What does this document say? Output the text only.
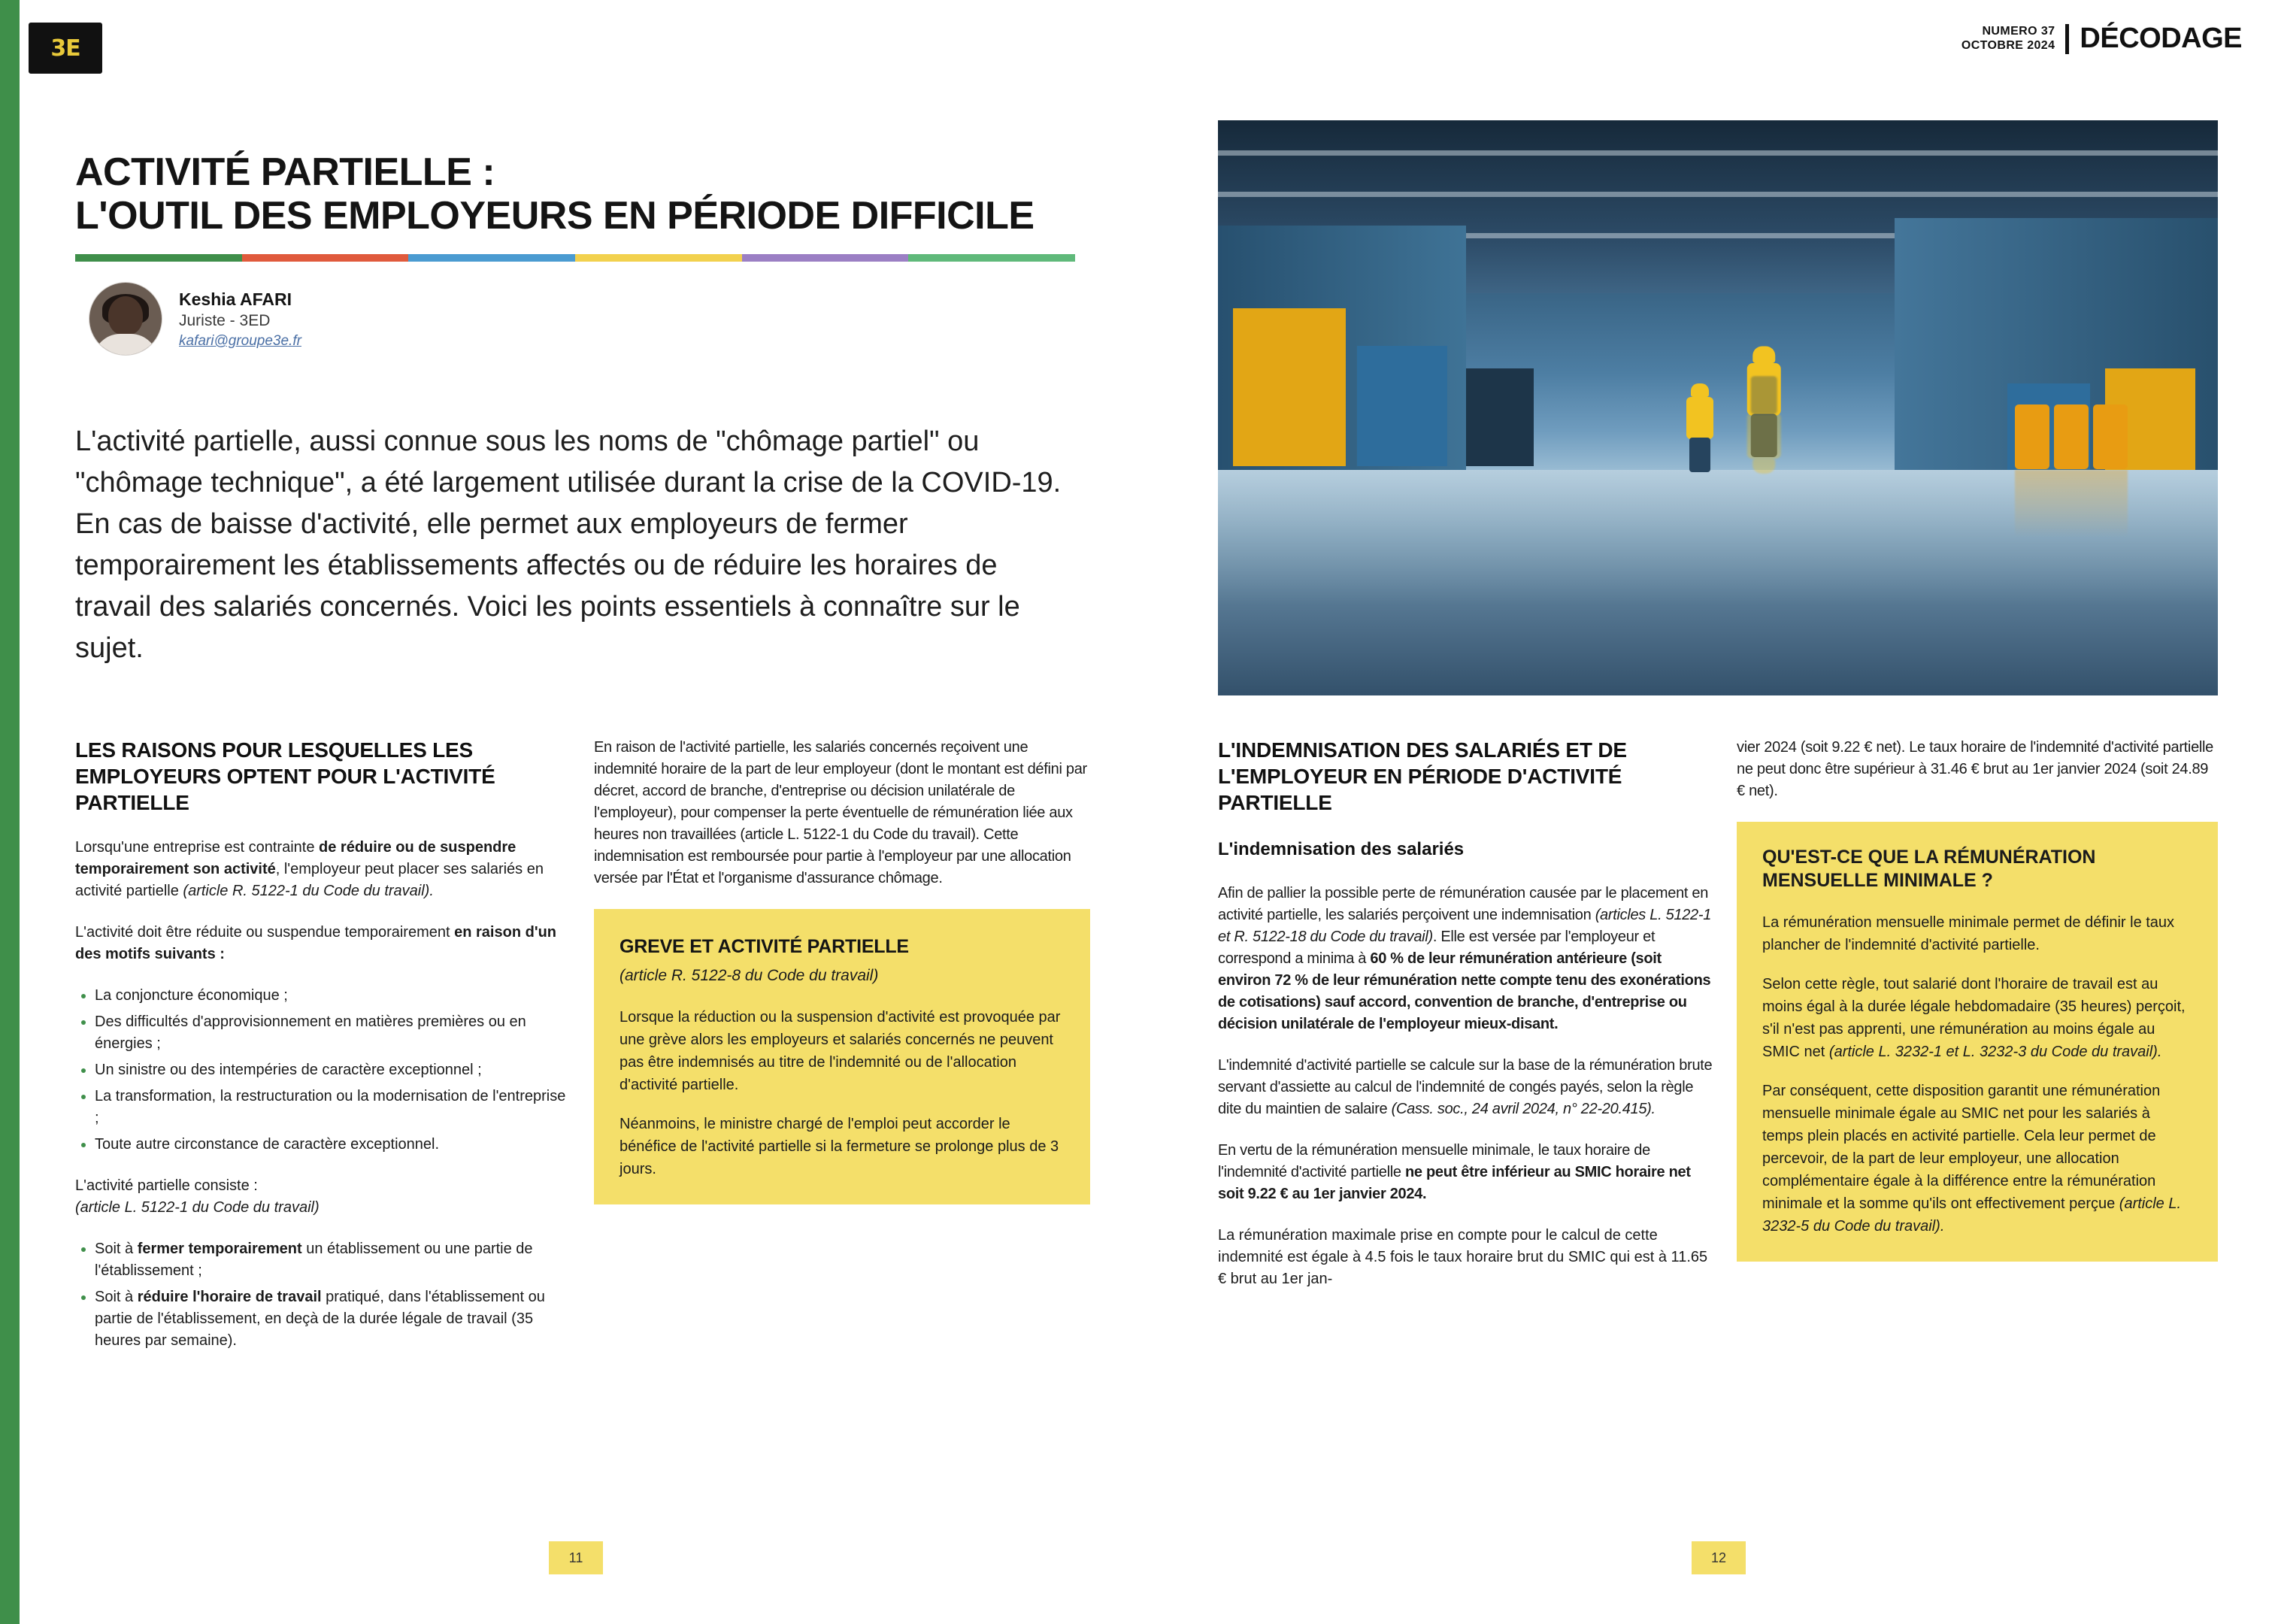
3E
NUMERO 37
OCTOBRE 2024 DÉCODAGE
ACTIVITÉ PARTIELLE :
L'OUTIL DES EMPLOYEURS EN PÉRIODE DIFFICILE
Keshia AFARI
Juriste - 3ED
kafari@groupe3e.fr
L'activité partielle, aussi connue sous les noms de "chômage partiel" ou "chômage technique", a été largement utilisée durant la crise de la COVID-19. En cas de baisse d'activité, elle permet aux employeurs de fermer temporairement les établissements affectés ou de réduire les horaires de travail des salariés concernés. Voici les points essentiels à connaître sur le sujet.
LES RAISONS POUR LESQUELLES LES EMPLOYEURS OPTENT POUR L'ACTIVITÉ PARTIELLE

Lorsqu'une entreprise est contrainte de réduire ou de suspendre temporairement son activité, l'employeur peut placer ses salariés en activité partielle (article R. 5122-1 du Code du travail).

L'activité doit être réduite ou suspendue temporairement en raison d'un des motifs suivants :

• La conjoncture économique ;
• Des difficultés d'approvisionnement en matières premières ou en énergies ;
• Un sinistre ou des intempéries de caractère exceptionnel ;
• La transformation, la restructuration ou la modernisation de l'entreprise ;
• Toute autre circonstance de caractère exceptionnel.

L'activité partielle consiste :
(article L. 5122-1 du Code du travail)

• Soit à fermer temporairement un établissement ou une partie de l'établissement ;
• Soit à réduire l'horaire de travail pratiqué, dans l'établissement ou partie de l'établissement, en deçà de la durée légale de travail (35 heures par semaine).

En raison de l'activité partielle, les salariés concernés reçoivent une indemnité horaire de la part de leur employeur (dont le montant est défini par décret, accord de branche, d'entreprise ou décision unilatérale de l'employeur), pour compenser la perte éventuelle de rémunération liée aux heures non travaillées (article L. 5122-1 du Code du travail). Cette indemnisation est remboursée pour partie à l'employeur par une allocation versée par l'État et l'organisme d'assurance chômage.

GREVE ET ACTIVITÉ PARTIELLE
(article R. 5122-8 du Code du travail)

Lorsque la réduction ou la suspension d'activité est provoquée par une grève alors les employeurs et salariés concernés ne peuvent pas être indemnisés au titre de l'indemnité ou de l'allocation d'activité partielle.

Néanmoins, le ministre chargé de l'emploi peut accorder le bénéfice de l'activité partielle si la fermeture se prolonge plus de 3 jours.

L'INDEMNISATION DES SALARIÉS ET DE L'EMPLOYEUR EN PÉRIODE D'ACTIVITÉ PARTIELLE
L'indemnisation des salariés

Afin de pallier la possible perte de rémunération causée par le placement en activité partielle, les salariés perçoivent une indemnisation (articles L. 5122-1 et R. 5122-18 du Code du travail). Elle est versée par l'employeur et correspond a minima à 60 % de leur rémunération antérieure (soit environ 72 % de leur rémunération nette compte tenu des exonérations de cotisations) sauf accord, convention de branche, d'entreprise ou décision unilatérale de l'employeur mieux-disant.

L'indemnité d'activité partielle se calcule sur la base de la rémunération brute servant d'assiette au calcul de l'indemnité de congés payés, selon la règle dite du maintien de salaire (Cass. soc., 24 avril 2024, n° 22-20.415).

En vertu de la rémunération mensuelle minimale, le taux horaire de l'indemnité d'activité partielle ne peut être inférieur au SMIC horaire net soit 9.22 € au 1er janvier 2024.

La rémunération maximale prise en compte pour le calcul de cette indemnité est égale à 4.5 fois le taux horaire brut du SMIC qui est à 11.65 € brut au 1er jan-

vier 2024 (soit 9.22 € net). Le taux horaire de l'indemnité d'activité partielle ne peut donc être supérieur à 31.46 € brut au 1er janvier 2024 (soit 24.89 € net).

QU'EST-CE QUE LA RÉMUNÉRATION MENSUELLE MINIMALE ?

La rémunération mensuelle minimale permet de définir le taux plancher de l'indemnité d'activité partielle.

Selon cette règle, tout salarié dont l'horaire de travail est au moins égal à la durée légale hebdomadaire (35 heures) perçoit, s'il n'est pas apprenti, une rémunération au moins égale au SMIC net (article L. 3232-1 et L. 3232-3 du Code du travail).

Par conséquent, cette disposition garantit une rémunération mensuelle minimale égale au SMIC net pour les salariés à temps plein placés en activité partielle. Cela leur permet de percevoir, de la part de leur employeur, une allocation complémentaire égale à la différence entre la rémunération minimale et la somme qu'ils ont effectivement perçue (article L. 3232-5 du Code du travail).

11	12
